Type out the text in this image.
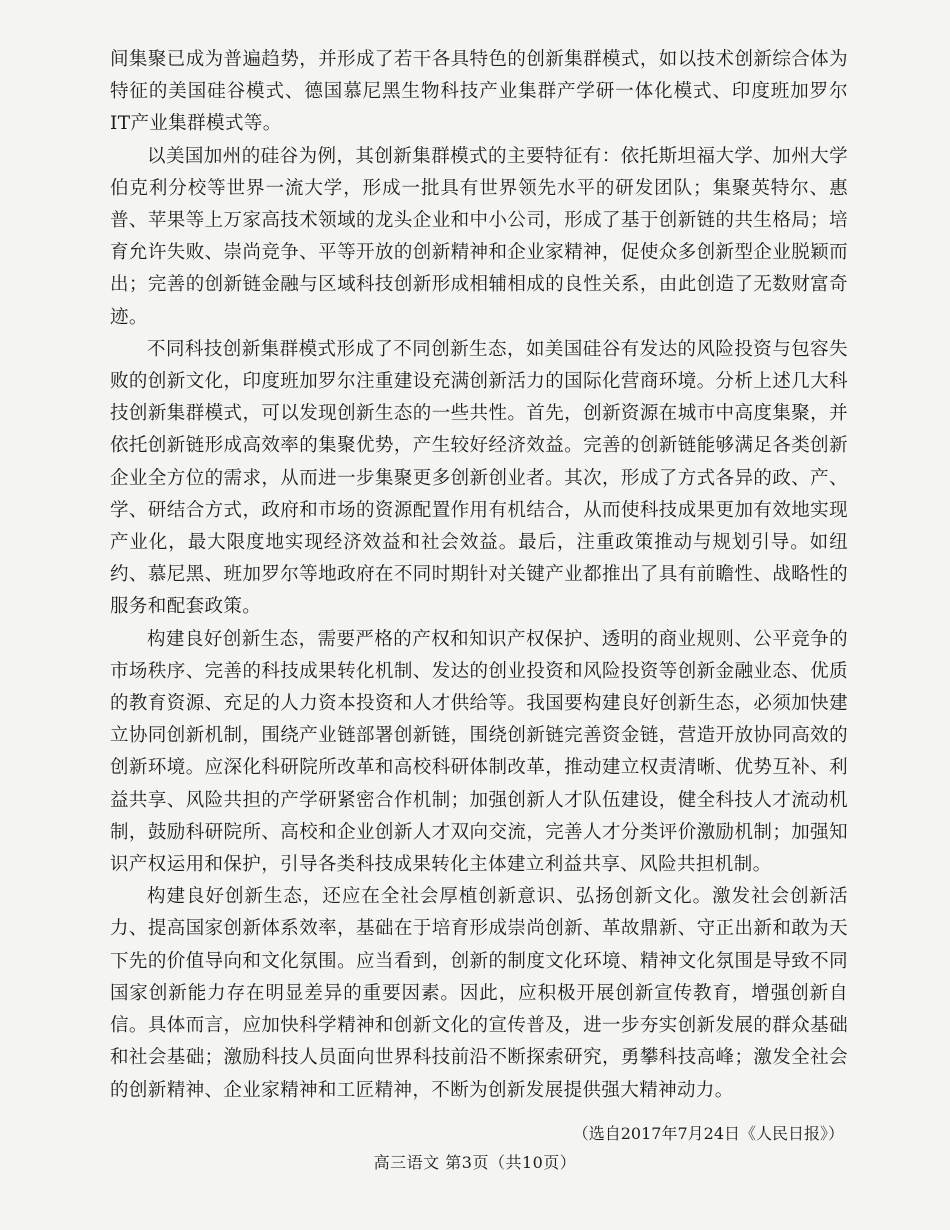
间集聚已成为普遍趋势，并形成了若干各具特色的创新集群模式，如以技术创新综合体为特征的美国硅谷模式、德国慕尼黑生物科技产业集群产学研一体化模式、印度班加罗尔IT产业集群模式等。

以美国加州的硅谷为例，其创新集群模式的主要特征有：依托斯坦福大学、加州大学伯克利分校等世界一流大学，形成一批具有世界领先水平的研发团队；集聚英特尔、惠普、苹果等上万家高技术领域的龙头企业和中小公司，形成了基于创新链的共生格局；培育允许失败、崇尚竞争、平等开放的创新精神和企业家精神，促使众多创新型企业脱颖而出；完善的创新链金融与区域科技创新形成相辅相成的良性关系，由此创造了无数财富奇迹。

不同科技创新集群模式形成了不同创新生态，如美国硅谷有发达的风险投资与包容失败的创新文化，印度班加罗尔注重建设充满创新活力的国际化营商环境。分析上述几大科技创新集群模式，可以发现创新生态的一些共性。首先，创新资源在城市中高度集聚，并依托创新链形成高效率的集聚优势，产生较好经济效益。完善的创新链能够满足各类创新企业全方位的需求，从而进一步集聚更多创新创业者。其次，形成了方式各异的政、产、学、研结合方式，政府和市场的资源配置作用有机结合，从而使科技成果更加有效地实现产业化，最大限度地实现经济效益和社会效益。最后，注重政策推动与规划引导。如纽约、慕尼黑、班加罗尔等地政府在不同时期针对关键产业都推出了具有前瞻性、战略性的服务和配套政策。

构建良好创新生态，需要严格的产权和知识产权保护、透明的商业规则、公平竞争的市场秩序、完善的科技成果转化机制、发达的创业投资和风险投资等创新金融业态、优质的教育资源、充足的人力资本投资和人才供给等。我国要构建良好创新生态，必须加快建立协同创新机制，围绕产业链部署创新链，围绕创新链完善资金链，营造开放协同高效的创新环境。应深化科研院所改革和高校科研体制改革，推动建立权责清晰、优势互补、利益共享、风险共担的产学研紧密合作机制；加强创新人才队伍建设，健全科技人才流动机制，鼓励科研院所、高校和企业创新人才双向交流，完善人才分类评价激励机制；加强知识产权运用和保护，引导各类科技成果转化主体建立利益共享、风险共担机制。

构建良好创新生态，还应在全社会厚植创新意识、弘扬创新文化。激发社会创新活力、提高国家创新体系效率，基础在于培育形成崇尚创新、革故鼎新、守正出新和敢为天下先的价值导向和文化氛围。应当看到，创新的制度文化环境、精神文化氛围是导致不同国家创新能力存在明显差异的重要因素。因此，应积极开展创新宣传教育，增强创新自信。具体而言，应加快科学精神和创新文化的宣传普及，进一步夯实创新发展的群众基础和社会基础；激励科技人员面向世界科技前沿不断探索研究，勇攀科技高峰；激发全社会的创新精神、企业家精神和工匠精神，不断为创新发展提供强大精神动力。

（选自2017年7月24日《人民日报》）
高三语文 第3页（共10页）
